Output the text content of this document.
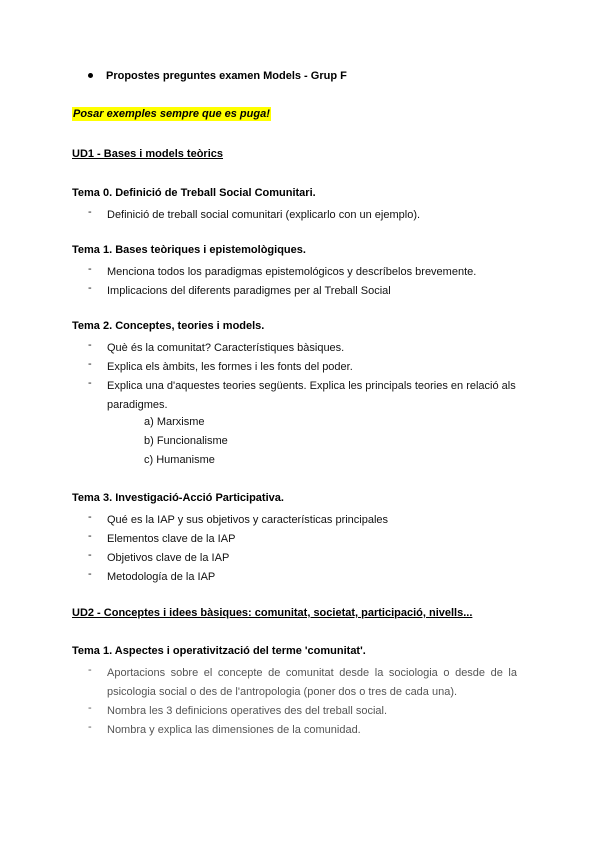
Propostes preguntes examen Models - Grup F
Posar exemples sempre que es puga!
UD1 - Bases i models teòrics
Tema 0. Definició de Treball Social Comunitari.
- Definició de treball social comunitari (explicarlo con un ejemplo).
Tema 1. Bases teòriques i epistemològiques.
- Menciona todos los paradigmas epistemológicos y descríbelos brevemente.
- Implicacions del diferents paradigmes per al Treball Social
Tema 2. Conceptes, teories i models.
- Què és la comunitat? Característiques bàsiques.
- Explica els àmbits, les formes i les fonts del poder.
- Explica una d'aquestes teories següents. Explica les principals teories en relació als paradigmes.
a) Marxisme
b) Funcionalisme
c) Humanisme
Tema 3. Investigació-Acció Participativa.
- Qué es la IAP y sus objetivos y características principales
- Elementos clave de la IAP
- Objetivos clave de la IAP
- Metodología de la IAP
UD2 - Conceptes i idees bàsiques: comunitat, societat, participació, nivells...
Tema 1. Aspectes i operativització del terme 'comunitat'.
- Aportacions sobre el concepte de comunitat desde la sociologia o desde de la psicologia social o des de l'antropologia (poner dos o tres de cada una).
- Nombra les 3 definicions operatives des del treball social.
- Nombra y explica las dimensiones de la comunidad.
